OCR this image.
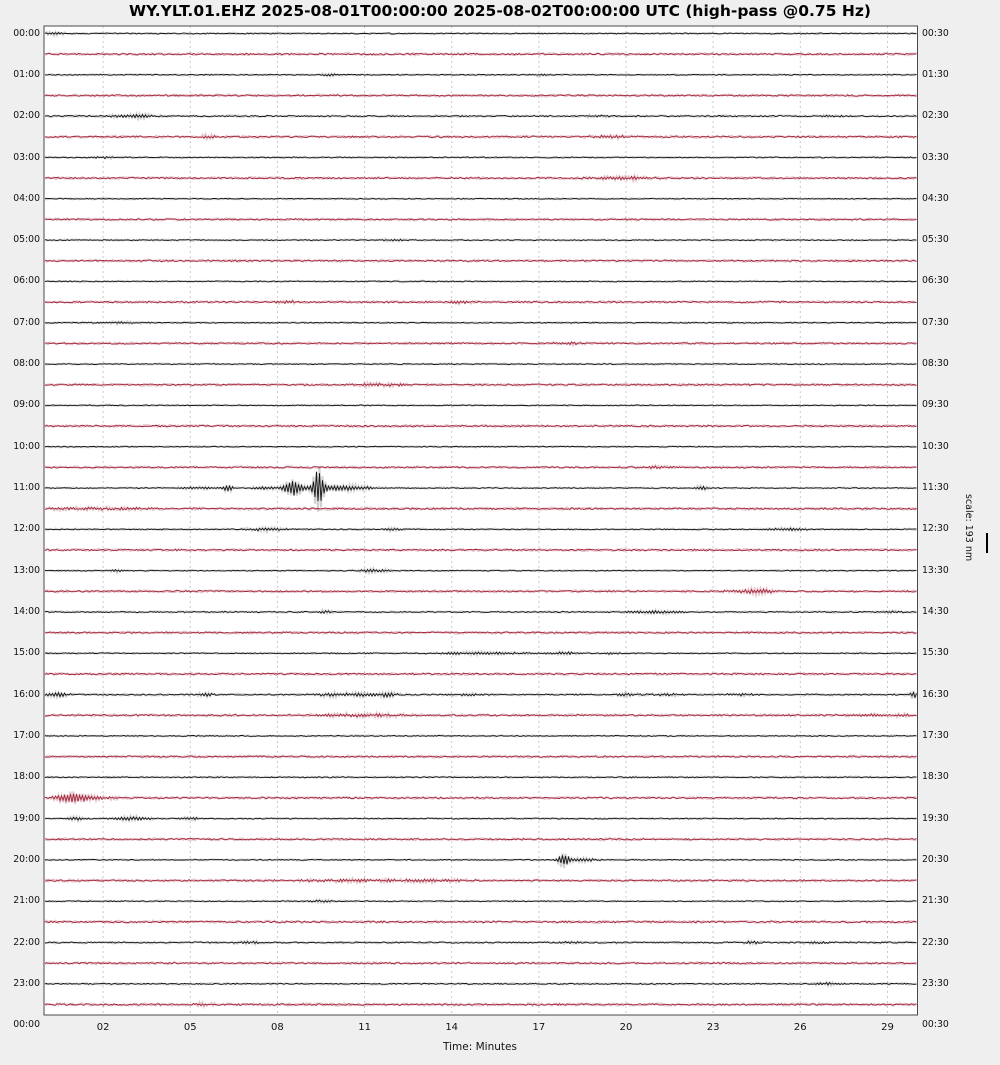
WY.YLT.01.EHZ 2025-08-01T00:00:00 2025-08-02T00:00:00 UTC (high-pass @0.75 Hz)
00:00	00:30
Time: Minutes
scale: 193 nm
00:00	00:30
01:00	01:30
02:00	02:30
03:00	03:30
04:00	04:30
05:00	05:30
06:00	06:30
07:00	07:30
08:00	08:30
09:00	09:30
10:00	10:30
11:00	11:30
12:00	12:30
13:00	13:30
14:00	14:30
15:00	15:30
16:00	16:30
17:00	17:30
18:00	18:30
19:00	19:30
20:00	20:30
21:00	21:30
22:00	22:30
23:00	23:30
02	05	08	11	14	17	20	23	26	29
